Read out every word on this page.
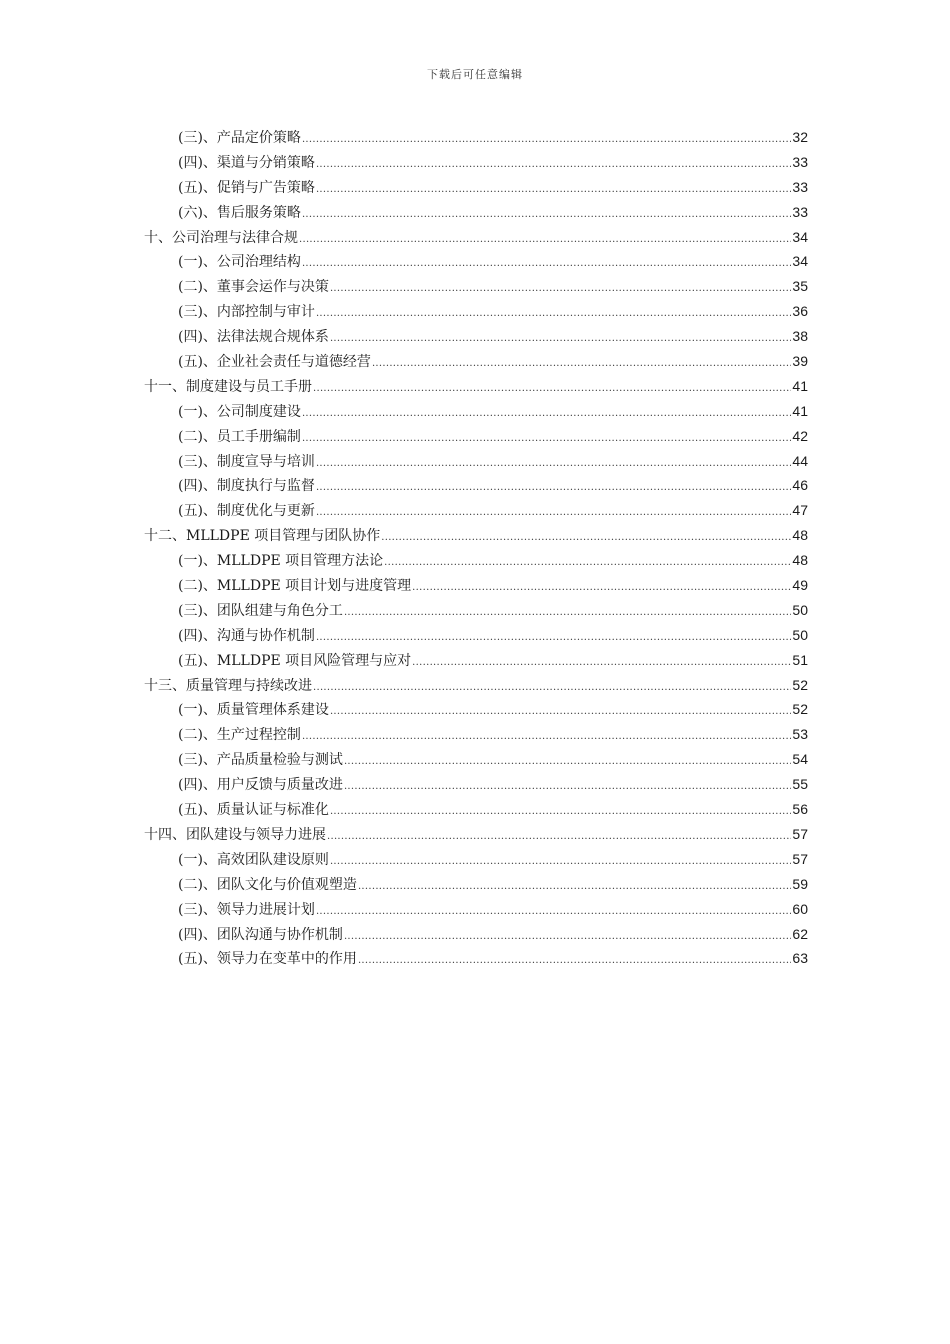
下载后可任意编辑
(三)、产品定价策略 .....	32
(四)、渠道与分销策略 .....	33
(五)、促销与广告策略 .....	33
(六)、售后服务策略 .....	33
十、公司治理与法律合规 .....	34
(一)、公司治理结构 .....	34
(二)、董事会运作与决策 .....	35
(三)、内部控制与审计 .....	36
(四)、法律法规合规体系 .....	38
(五)、企业社会责任与道德经营 .....	39
十一、制度建设与员工手册 .....	41
(一)、公司制度建设 .....	41
(二)、员工手册编制 .....	42
(三)、制度宣导与培训 .....	44
(四)、制度执行与监督 .....	46
(五)、制度优化与更新 .....	47
十二、MLLDPE 项目管理与团队协作 .....	48
(一)、MLLDPE 项目管理方法论 .....	48
(二)、MLLDPE 项目计划与进度管理 .....	49
(三)、团队组建与角色分工 .....	50
(四)、沟通与协作机制 .....	50
(五)、MLLDPE 项目风险管理与应对 .....	51
十三、质量管理与持续改进 .....	52
(一)、质量管理体系建设 .....	52
(二)、生产过程控制 .....	53
(三)、产品质量检验与测试 .....	54
(四)、用户反馈与质量改进 .....	55
(五)、质量认证与标准化 .....	56
十四、团队建设与领导力进展 .....	57
(一)、高效团队建设原则 .....	57
(二)、团队文化与价值观塑造 .....	59
(三)、领导力进展计划 .....	60
(四)、团队沟通与协作机制 .....	62
(五)、领导力在变革中的作用 .....	63
